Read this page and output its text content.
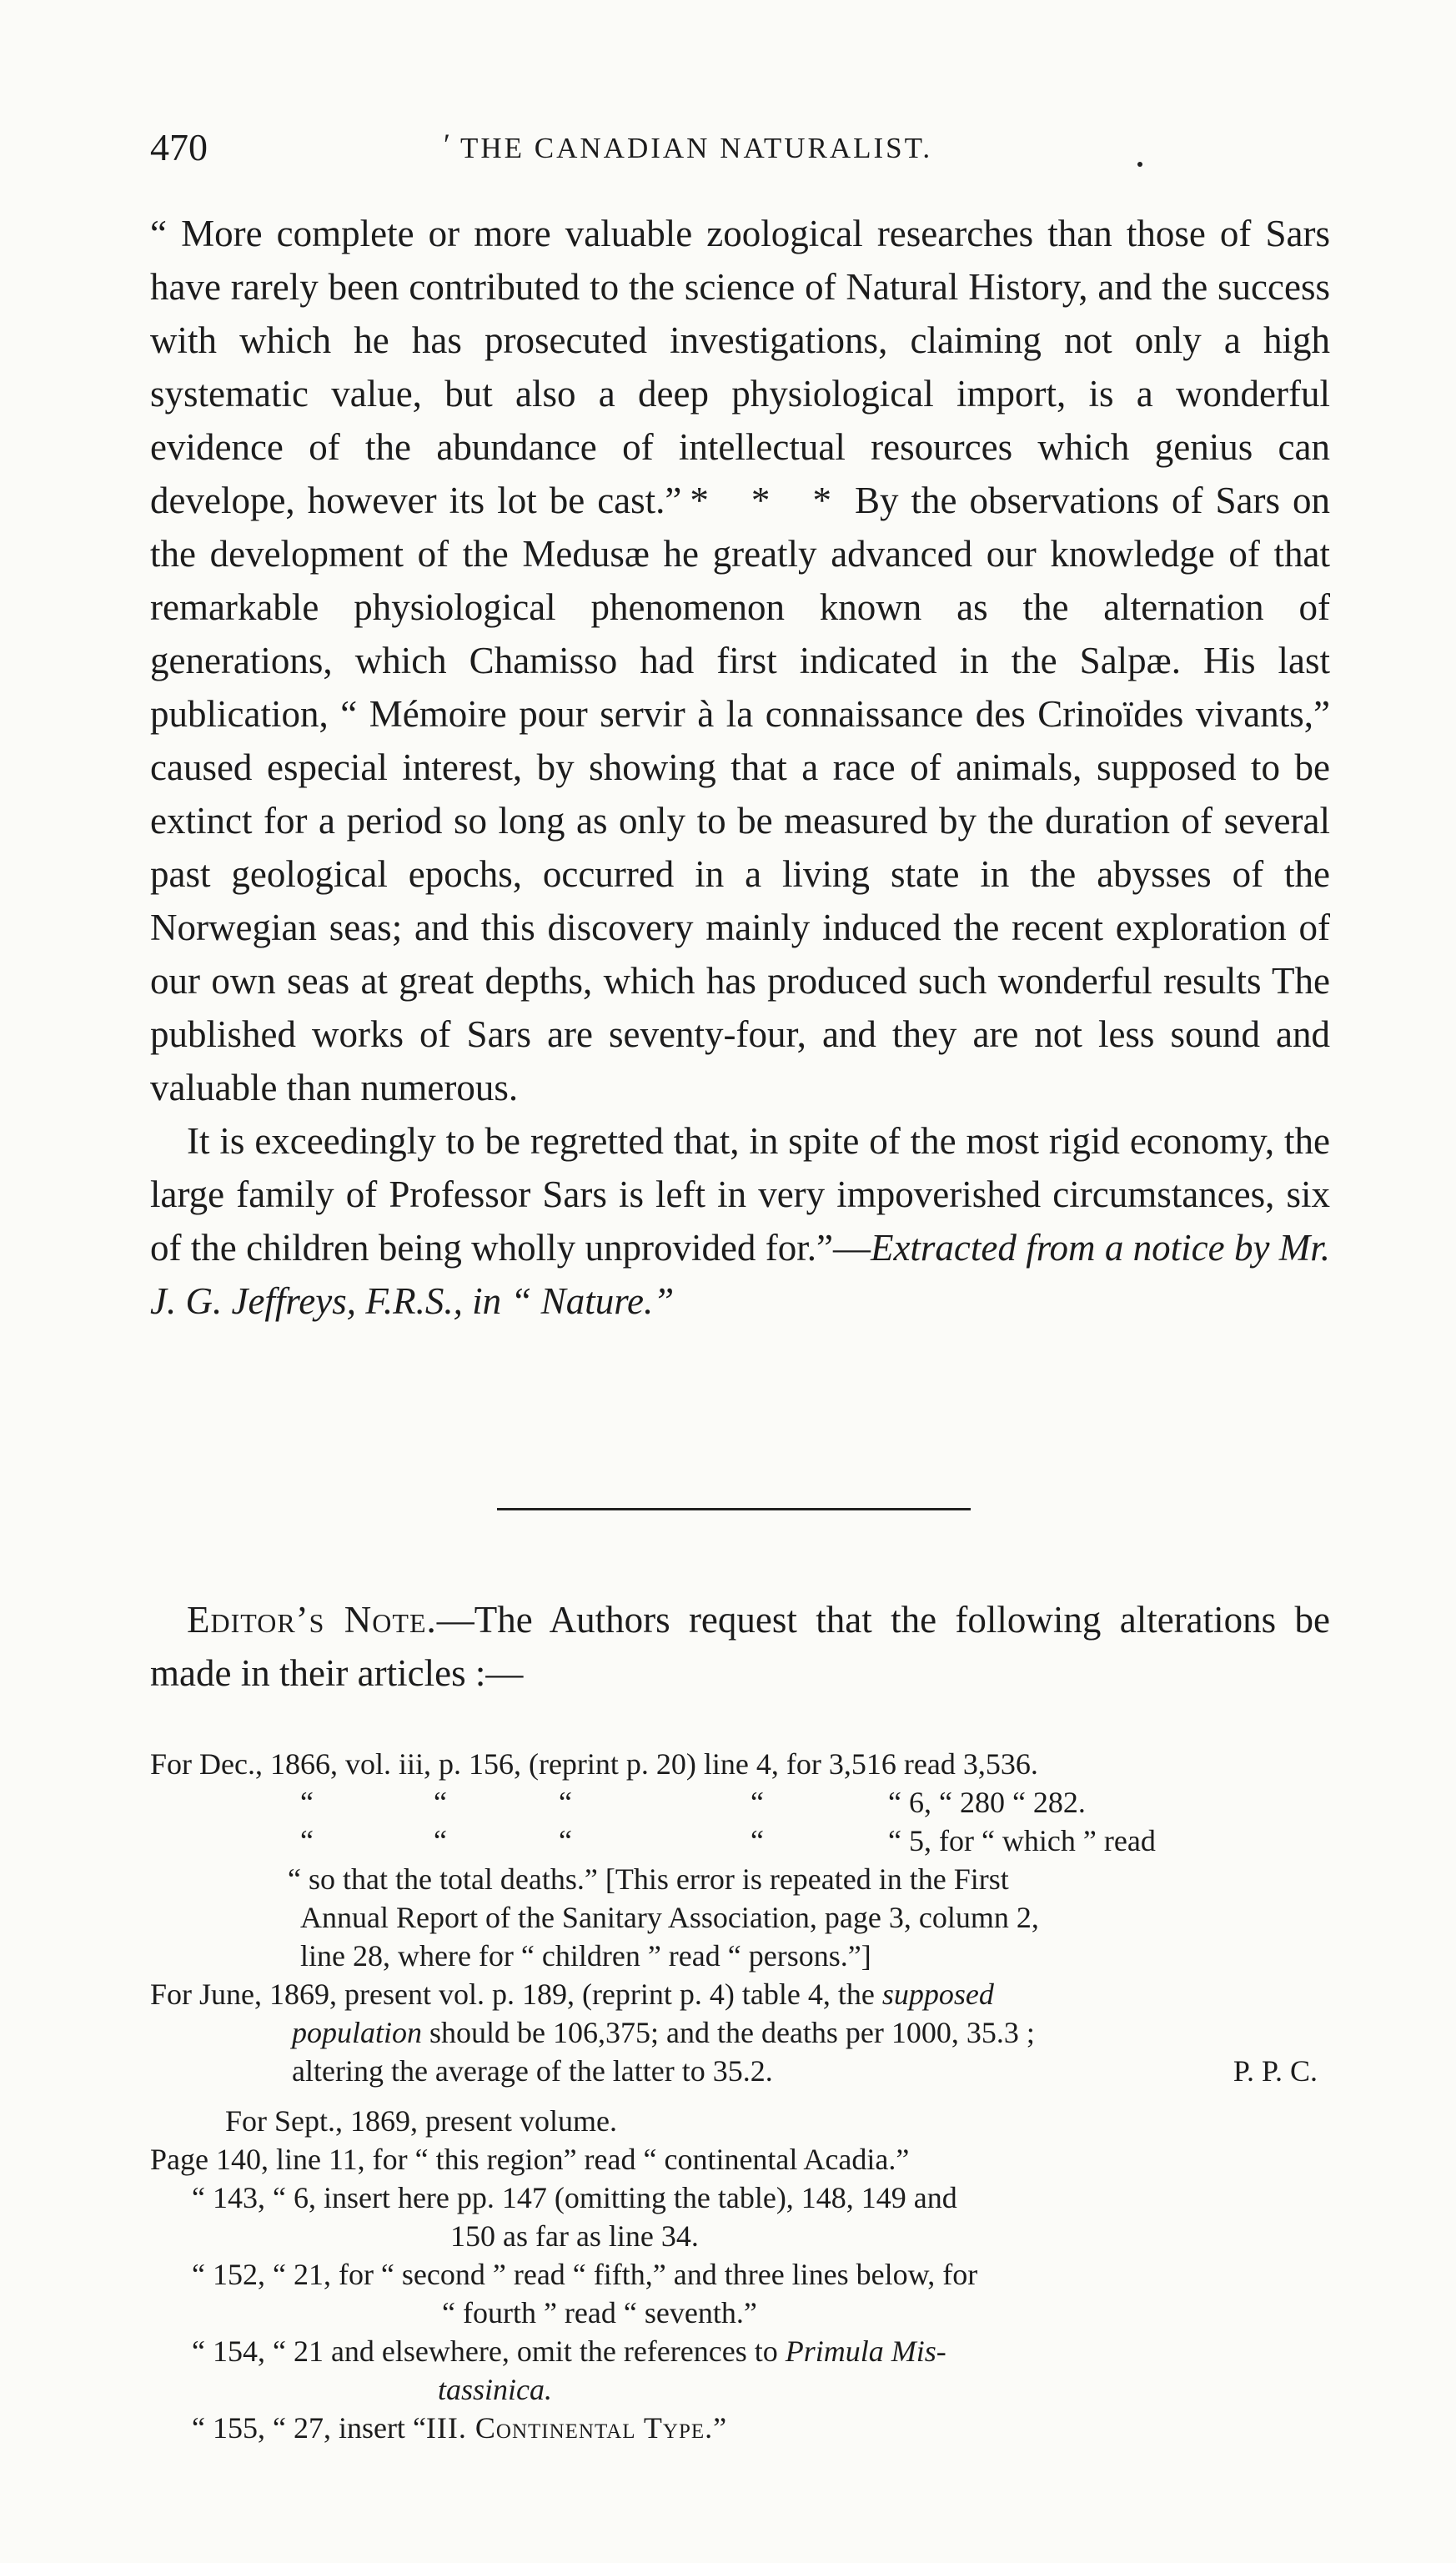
470	ʹ THE CANADIAN NATURALIST.

“ More complete or more valuable zoological researches than those of Sars have rarely been contributed to the science of Natural History, and the success with which he has prosecuted investigations, claiming not only a high systematic value, but also a deep physiological import, is a wonderful evidence of the abundance of intellectual resources which genius can develope, however its lot be cast.” * * * By the observations of Sars on the development of the Medusæ he greatly advanced our knowledge of that remarkable physiological phenomenon known as the alternation of generations, which Chamisso had first indicated in the Salpæ. His last publication, “ Mémoire pour servir à la connaissance des Crinoïdes vivants,” caused especial interest, by showing that a race of animals, supposed to be extinct for a period so long as only to be measured by the duration of several past geological epochs, occurred in a living state in the abysses of the Norwegian seas; and this discovery mainly induced the recent exploration of our own seas at great depths, which has produced such wonderful results The published works of Sars are seventy-four, and they are not less sound and valuable than numerous.

It is exceedingly to be regretted that, in spite of the most rigid economy, the large family of Professor Sars is left in very impoverished circumstances, six of the children being wholly unprovided for.”—Extracted from a notice by Mr. J. G. Jeffreys, F.R.S., in “ Nature.”

Editor’s Note.—The Authors request that the following alterations be made in their articles :—

For Dec., 1866, vol. iii, p. 156, (reprint p. 20) line 4, for 3,516 read 3,536.
“	“	“	“	“ 6, “ 280 “ 282.
“	“	“	“	“ 5, for “ which ” read
“ so that the total deaths.” [This error is repeated in the First
Annual Report of the Sanitary Association, page 3, column 2,
line 28, where for “ children ” read “ persons.”]
For June, 1869, present vol. p. 189, (reprint p. 4) table 4, the supposed
population should be 106,375; and the deaths per 1000, 35.3 ;
altering the average of the latter to 35.2.	P. P. C.
For Sept., 1869, present volume.
Page 140, line 11, for “ this region” read “ continental Acadia.”
“ 143, “ 6, insert here pp. 147 (omitting the table), 148, 149 and
150 as far as line 34.
“ 152, “ 21, for “ second ” read “ fifth,” and three lines below, for
“ fourth ” read “ seventh.”
“ 154, “ 21 and elsewhere, omit the references to Primula Mis-
tassinica.
“ 155, “ 27, insert “III. Continental Type.”
